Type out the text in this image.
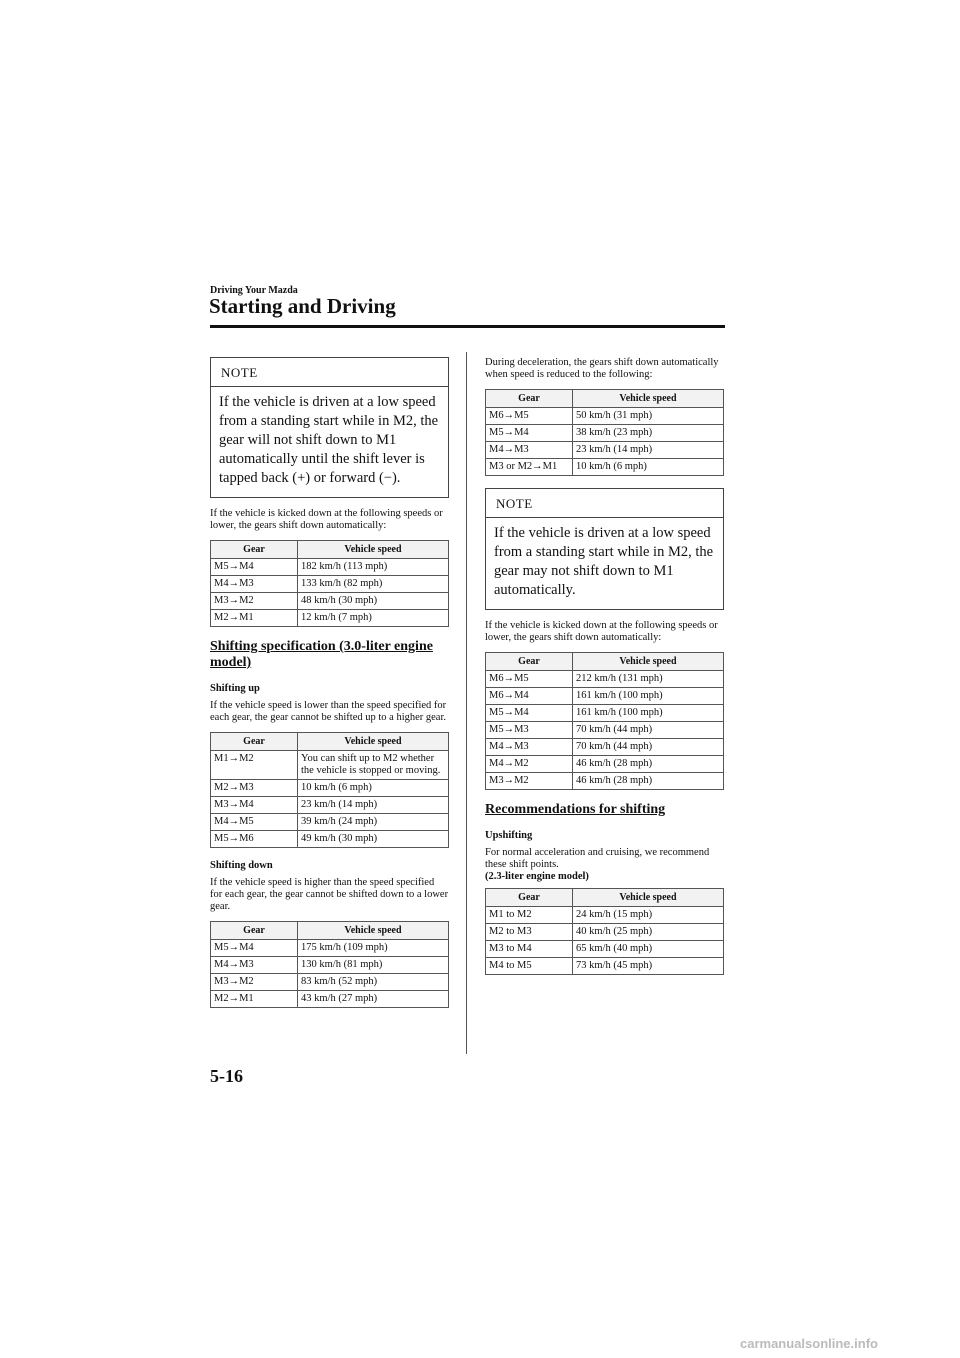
Driving Your Mazda
Starting and Driving
NOTE
If the vehicle is driven at a low speed from a standing start while in M2, the gear will not shift down to M1 automatically until the shift lever is tapped back (+) or forward (−).

If the vehicle is kicked down at the following speeds or lower, the gears shift down automatically:

Gear	Vehicle speed
M5→M4	182 km/h (113 mph)
M4→M3	133 km/h (82 mph)
M3→M2	48 km/h (30 mph)
M2→M1	12 km/h (7 mph)
Shifting specification (3.0-liter engine model)
Shifting up

If the vehicle speed is lower than the speed specified for each gear, the gear cannot be shifted up to a higher gear.

Gear	Vehicle speed
M1→M2	You can shift up to M2 whether the vehicle is stopped or moving.
M2→M3	10 km/h (6 mph)
M3→M4	23 km/h (14 mph)
M4→M5	39 km/h (24 mph)
M5→M6	49 km/h (30 mph)
Shifting down

If the vehicle speed is higher than the speed specified for each gear, the gear cannot be shifted down to a lower gear.

Gear	Vehicle speed
M5→M4	175 km/h (109 mph)
M4→M3	130 km/h (81 mph)
M3→M2	83 km/h (52 mph)
M2→M1	43 km/h (27 mph)

During deceleration, the gears shift down automatically when speed is reduced to the following:

Gear	Vehicle speed
M6→M5	50 km/h (31 mph)
M5→M4	38 km/h (23 mph)
M4→M3	23 km/h (14 mph)
M3 or M2→M1	10 km/h (6 mph)
NOTE
If the vehicle is driven at a low speed from a standing start while in M2, the gear may not shift down to M1 automatically.

If the vehicle is kicked down at the following speeds or lower, the gears shift down automatically:

Gear	Vehicle speed
M6→M5	212 km/h (131 mph)
M6→M4	161 km/h (100 mph)
M5→M4	161 km/h (100 mph)
M5→M3	70 km/h (44 mph)
M4→M3	70 km/h (44 mph)
M4→M2	46 km/h (28 mph)
M3→M2	46 km/h (28 mph)
Recommendations for shifting
Upshifting

For normal acceleration and cruising, we recommend these shift points.

(2.3-liter engine model)
Gear	Vehicle speed
M1 to M2	24 km/h (15 mph)
M2 to M3	40 km/h (25 mph)
M3 to M4	65 km/h (40 mph)
M4 to M5	73 km/h (45 mph)
5-16
carmanualsonline.info
